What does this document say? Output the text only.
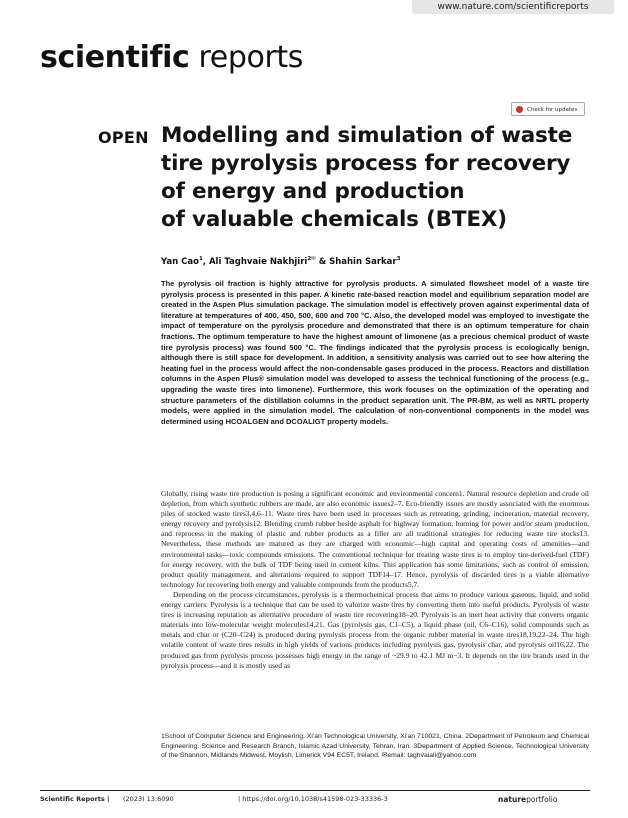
www.nature.com/scientificreports
scientific reports
Check for updates
OPEN Modelling and simulation of waste
tire pyrolysis process for recovery
of energy and production
of valuable chemicals (BTEX)
Yan Cao$^1$, Ali Taghvaie Nakhjiri$^{2✉}$ & Shahin Sarkar$^3$

The pyrolysis oil fraction is highly attractive for pyrolysis products. A simulated flowsheet model of a waste tire pyrolysis process is presented in this paper. A kinetic rate-based reaction model and equilibrium separation model are created in the Aspen Plus simulation package. The simulation model is effectively proven against experimental data of literature at temperatures of 400, 450, 500, 600 and 700 °C. Also, the developed model was employed to investigate the impact of temperature on the pyrolysis procedure and demonstrated that there is an optimum temperature for chain fractions. The optimum temperature to have the highest amount of limonene (as a precious chemical product of waste tire pyrolysis process) was found 500 °C. The findings indicated that the pyrolysis process is ecologically benign, although there is still space for development. In addition, a sensitivity analysis was carried out to see how altering the heating fuel in the process would affect the non-condensable gases produced in the process. Reactors and distillation columns in the Aspen Plus® simulation model was developed to assess the technical functioning of the process (e.g., upgrading the waste tires into limonene). Furthermore, this work focuses on the optimization of the operating and structure parameters of the distillation columns in the product separation unit. The PR-BM, as well as NRTL property models, were applied in the simulation model. The calculation of non-conventional components in the model was determined using HCOALGEN and DCOALIGT property models.

Globally, rising waste tire production is posing a significant economic and environmental concern1. Natural resource depletion and crude oil depletion, from which synthetic rubbers are made, are also economic issues2–7. Eco-friendly issues are mostly associated with the enormous piles of stocked waste tires3,4,6–11. Waste tires have been used in processes such as retreating, grinding, incineration, material recovery, energy recovery and pyrolysis12. Blending crumb rubber beside asphalt for highway formation, burning for power and/or steam production, and reprocess in the making of plastic and rubber products as a filler are all traditional strategies for reducing waste tire stocks13. Nevertheless, these methods are matured as they are charged with economic—high capital and operating costs of amenities—and environmental tasks—toxic compounds emissions. The conventional technique for treating waste tires is to employ tire-derived-fuel (TDF) for energy recovery, with the bulk of TDF being used in cement kilns. This application has some limitations, such as control of emission, product quality management, and alterations required to support TDF14–17. Hence, pyrolysis of discarded tires is a viable alternative technology for recovering both energy and valuable compounds from the products5,7.

Depending on the process circumstances, pyrolysis is a thermochemical process that aims to produce various gaseous, liquid, and solid energy carriers. Pyrolysis is a technique that can be used to valorize waste tires by converting them into useful products. Pyrolysis of waste tires is increasing reputation as alternative procedure of waste tire recovering18–20. Pyrolysis is an inert heat activity that converts organic materials into low-molecular weight molecules14,21. Gas (pyrolysis gas, C1–C5), a liquid phase (oil, C6–C16), solid compounds such as metals and char or (C20–C24) is produced during pyrolysis process from the organic rubber material in waste tires18,19,22–24. The high volatile content of waste tires results in high yields of various products including pyrolysis gas, pyrolysis char, and pyrolysis oil16,22. The produced gas from pyrolysis process possesses high energy in the range of ~29.9 to 42.1 MJ m−3. It depends on the tire brands used in the pyrolysis process—and it is mostly used as

1School of Computer Science and Engineering, Xi'an Technological University, Xi'an 710021, China. 2Department of Petroleum and Chemical Engineering, Science and Research Branch, Islamic Azad University, Tehran, Iran. 3Department of Applied Science, Technological University of the Shannon, Midlands Midwest, Moylish, Limerick V94 EC5T, Ireland. ✉email: taghvaiali@yahoo.com

Scientific Reports | (2023) 13:6090	| https://doi.org/10.1038/s41598-023-33336-3	natureportfolio
